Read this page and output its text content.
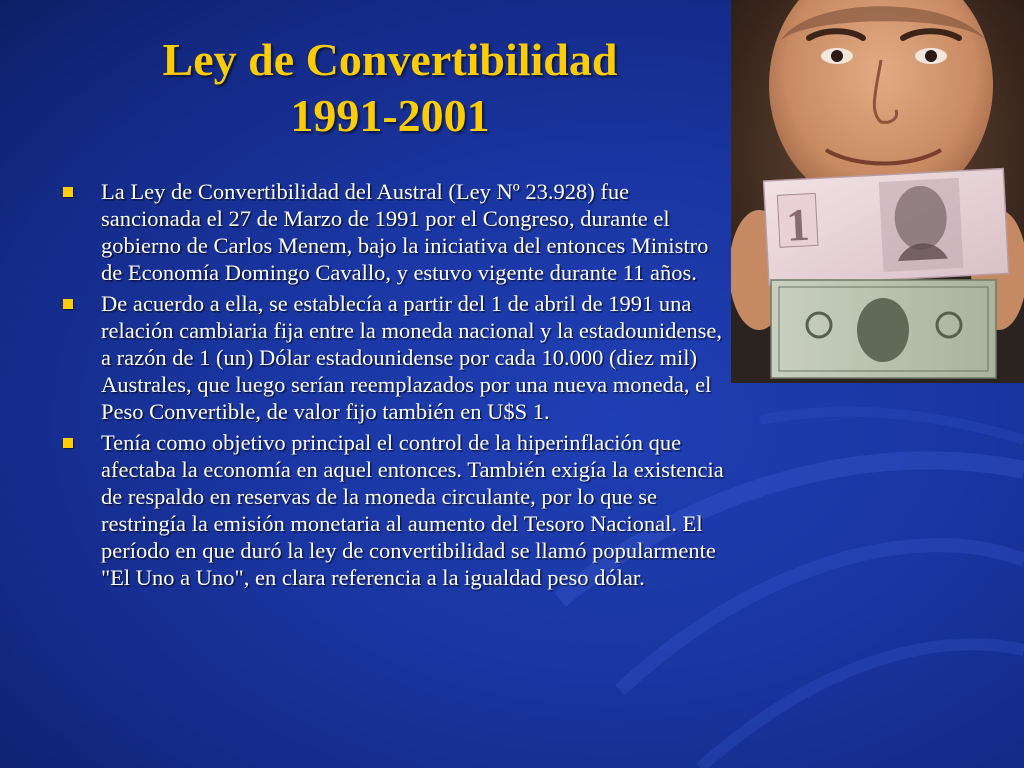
Ley de Convertibilidad
1991-2001
La Ley de Convertibilidad del Austral (Ley Nº 23.928) fue sancionada el 27 de Marzo de 1991 por el Congreso, durante el gobierno de Carlos Menem, bajo la iniciativa del entonces Ministro de Economía Domingo Cavallo, y estuvo vigente durante 11 años.
De acuerdo a ella, se establecía a partir del 1 de abril de 1991 una relación cambiaria fija entre la moneda nacional y la estadounidense, a razón de 1 (un) Dólar estadounidense por cada 10.000 (diez mil) Australes, que luego serían reemplazados por una nueva moneda, el Peso Convertible, de valor fijo también en U$S 1.
Tenía como objetivo principal el control de la hiperinflación que afectaba la economía en aquel entonces. También exigía la existencia de respaldo en reservas de la moneda circulante, por lo que se restringía la emisión monetaria al aumento del Tesoro Nacional. El período en que duró la ley de convertibilidad se llamó popularmente "El Uno a Uno", en clara referencia a la igualdad peso dólar.
1
